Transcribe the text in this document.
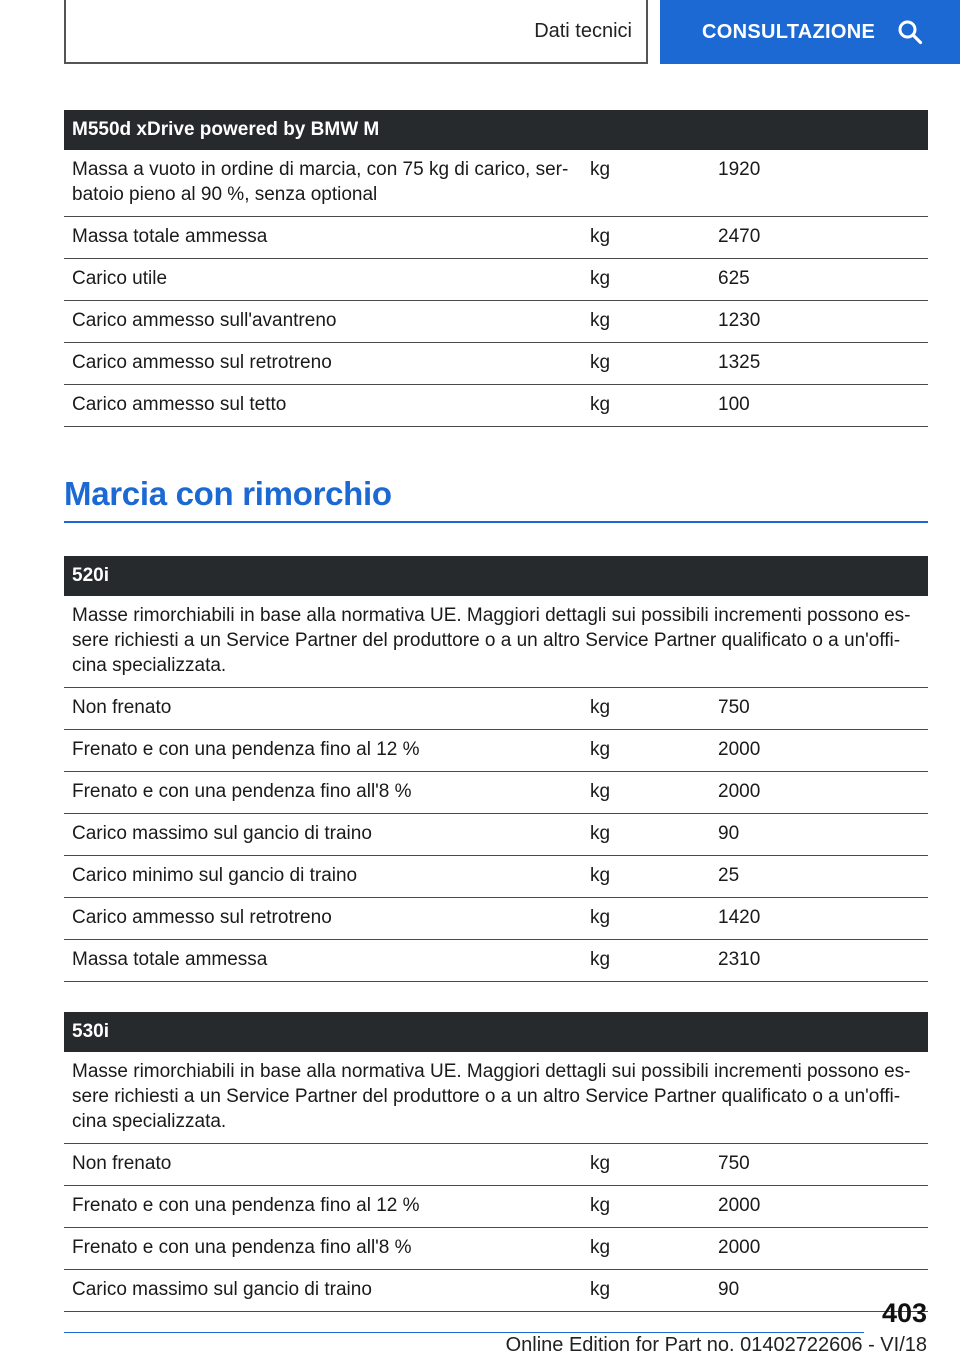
Dati tecnici	CONSULTAZIONE
M550d xDrive powered by BMW M		
Massa a vuoto in ordine di marcia, con 75 kg di carico, ser- batoio pieno al 90 %, senza optional	kg	1920
Massa totale ammessa	kg	2470
Carico utile	kg	625
Carico ammesso sull'avantreno	kg	1230
Carico ammesso sul retrotreno	kg	1325
Carico ammesso sul tetto	kg	100
Marcia con rimorchio
520i		
Masse rimorchiabili in base alla normativa UE. Maggiori dettagli sui possibili incrementi possono es- sere richiesti a un Service Partner del produttore o a un altro Service Partner qualificato o a un'offi- cina specializzata.		
Non frenato	kg	750
Frenato e con una pendenza fino al 12 %	kg	2000
Frenato e con una pendenza fino all'8 %	kg	2000
Carico massimo sul gancio di traino	kg	90
Carico minimo sul gancio di traino	kg	25
Carico ammesso sul retrotreno	kg	1420
Massa totale ammessa	kg	2310
530i		
Masse rimorchiabili in base alla normativa UE. Maggiori dettagli sui possibili incrementi possono es- sere richiesti a un Service Partner del produttore o a un altro Service Partner qualificato o a un'offi- cina specializzata.		
Non frenato	kg	750
Frenato e con una pendenza fino al 12 %	kg	2000
Frenato e con una pendenza fino all'8 %	kg	2000
Carico massimo sul gancio di traino	kg	90
403
Online Edition for Part no. 01402722606 - VI/18
